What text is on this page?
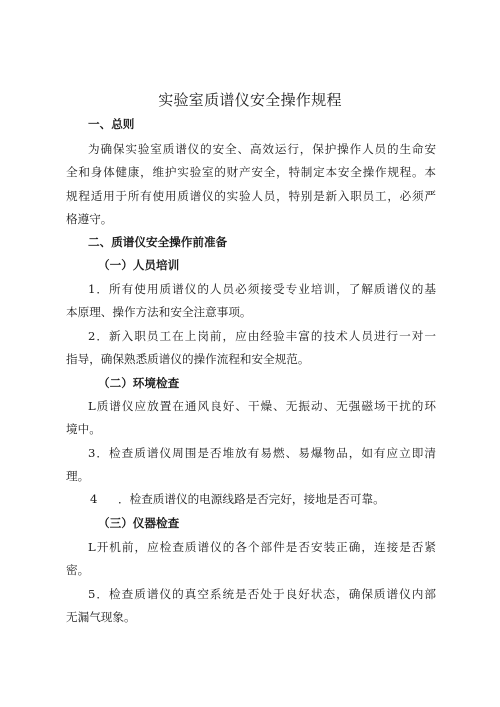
实验室质谱仪安全操作规程
一、总则
为确保实验室质谱仪的安全、高效运行，保护操作人员的生命安
全和身体健康，维护实验室的财产安全，特制定本安全操作规程。本
规程适用于所有使用质谱仪的实验人员，特别是新入职员工，必须严
格遵守。
二、质谱仪安全操作前准备
（一）人员培训
1．所有使用质谱仪的人员必须接受专业培训，了解质谱仪的基
本原理、操作方法和安全注意事项。
2．新入职员工在上岗前，应由经验丰富的技术人员进行一对一
指导，确保熟悉质谱仪的操作流程和安全规范。
（二）环境检查
L质谱仪应放置在通风良好、干燥、无振动、无强磁场干扰的环
境中。
3．检查质谱仪周围是否堆放有易燃、易爆物品，如有应立即清
理。
4 ．检查质谱仪的电源线路是否完好，接地是否可靠。
（三）仪器检查
L开机前，应检查质谱仪的各个部件是否安装正确，连接是否紧
密。
5．检查质谱仪的真空系统是否处于良好状态，确保质谱仪内部
无漏气现象。
